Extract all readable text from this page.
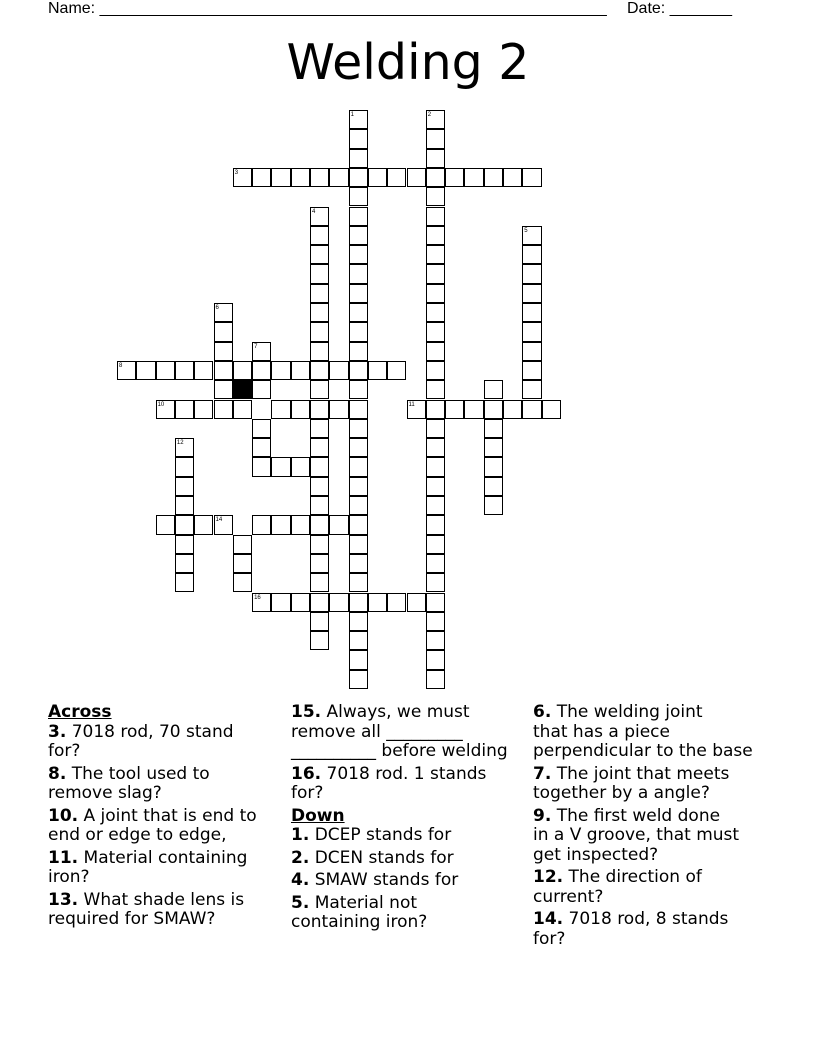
Name: _________________________________________________________ Date: _______
Welding 2
1	2
3
4
5
8
6
7
10	11
12
14
16
Across
3. 7018 rod, 70 stand
for?
8. The tool used to
remove slag?
10. A joint that is end to
end or edge to edge,
11. Material containing
iron?
13. What shade lens is
required for SMAW?
15. Always, we must
remove all _________
__________ before welding
16. 7018 rod. 1 stands
for?
Down
1. DCEP stands for
2. DCEN stands for
4. SMAW stands for
5. Material not
containing iron?
6. The welding joint
that has a piece
perpendicular to the base
7. The joint that meets
together by a angle?
9. The first weld done
in a V groove, that must
get inspected?
12. The direction of
current?
14. 7018 rod, 8 stands
for?
